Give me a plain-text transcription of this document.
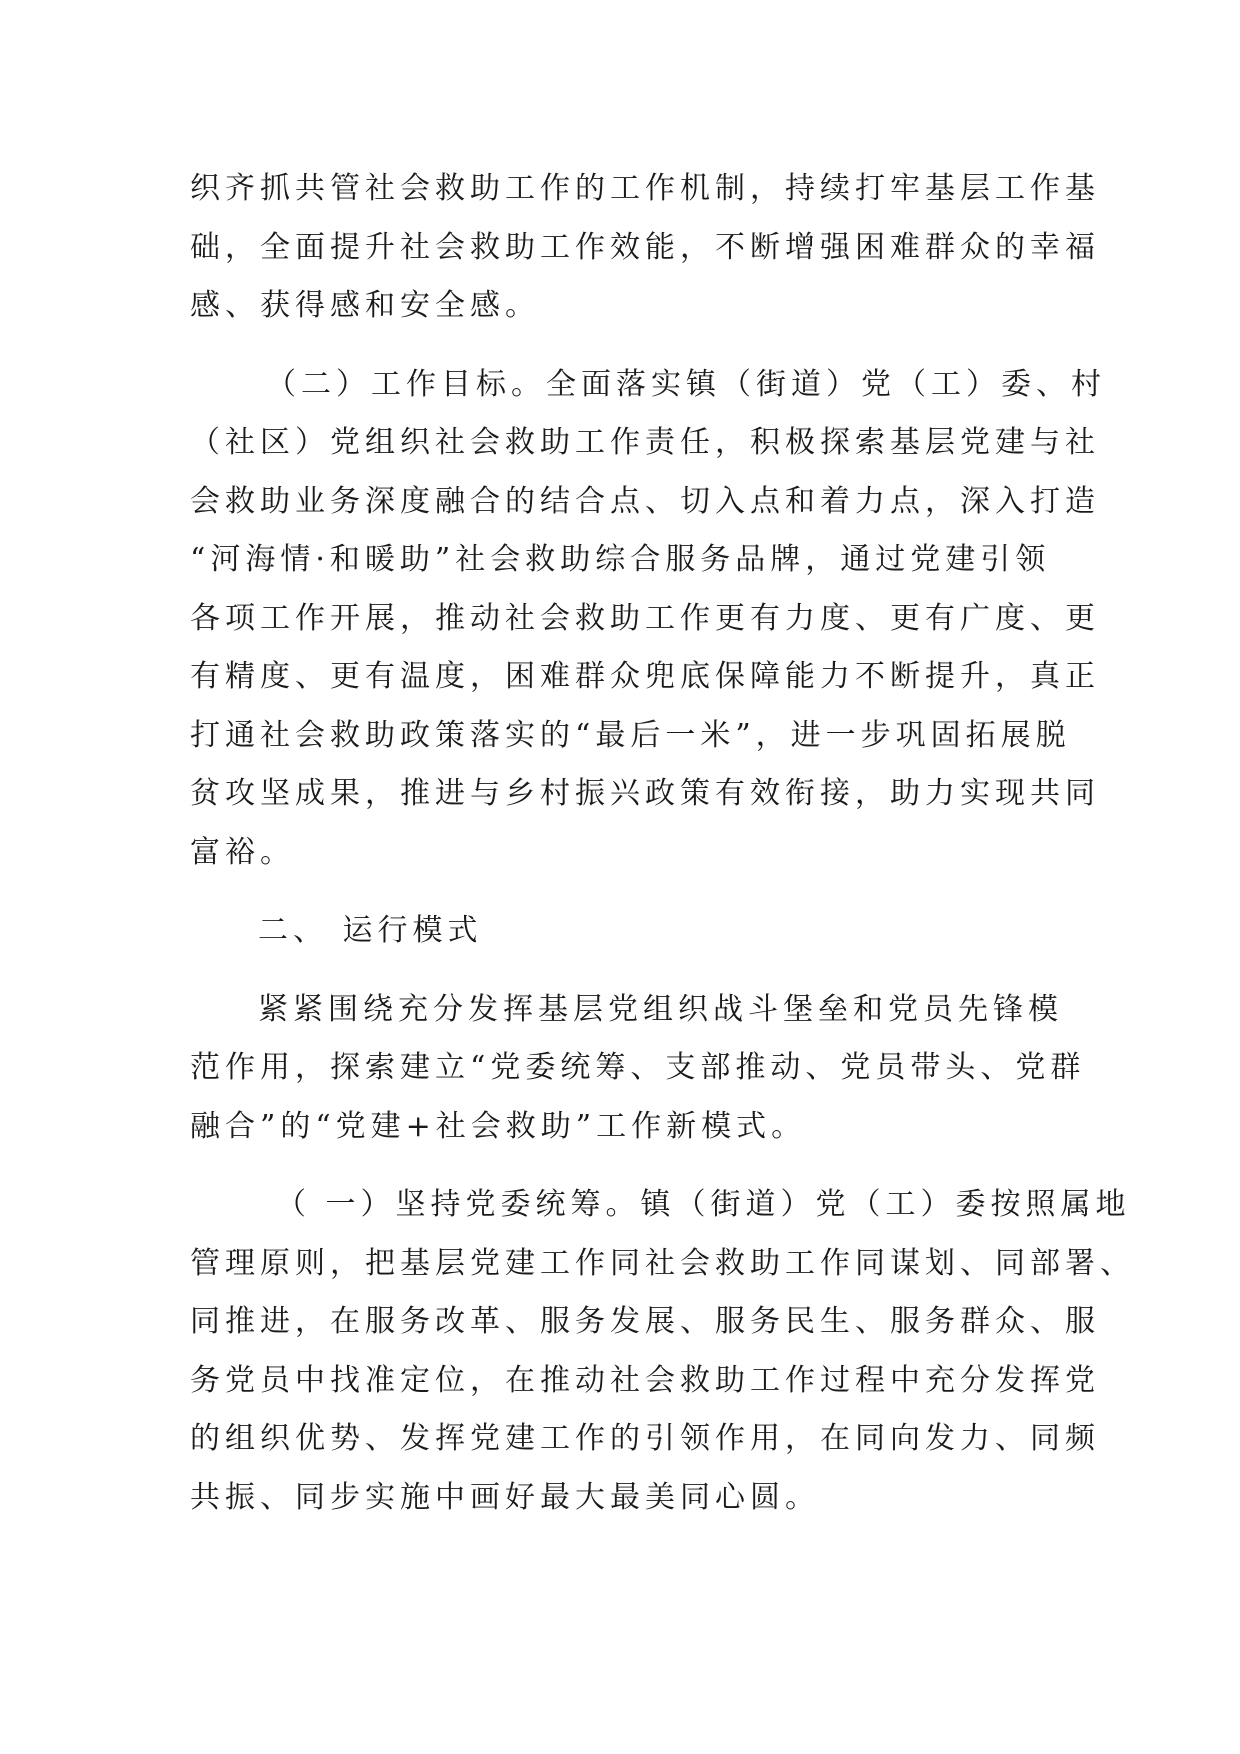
织齐抓共管社会救助工作的工作机制，持续打牢基层工作基
础，全面提升社会救助工作效能，不断增强困难群众的幸福
感、获得感和安全感。
（二）工作目标。全面落实镇（街道）党（工）委、村
（社区）党组织社会救助工作责任，积极探索基层党建与社
会救助业务深度融合的结合点、切入点和着力点，深入打造
“河海情·和暖助”社会救助综合服务品牌，通过党建引领
各项工作开展，推动社会救助工作更有力度、更有广度、更
有精度、更有温度，困难群众兜底保障能力不断提升，真正
打通社会救助政策落实的“最后一米”，进一步巩固拓展脱
贫攻坚成果，推进与乡村振兴政策有效衔接，助力实现共同
富裕。
二、 运行模式
紧紧围绕充分发挥基层党组织战斗堡垒和党员先锋模
范作用，探索建立“党委统筹、支部推动、党员带头、党群
融合”的“党建+社会救助”工作新模式。
（ 一）坚持党委统筹。镇（街道）党（工）委按照属地
管理原则，把基层党建工作同社会救助工作同谋划、同部署、
同推进，在服务改革、服务发展、服务民生、服务群众、服
务党员中找准定位，在推动社会救助工作过程中充分发挥党
的组织优势、发挥党建工作的引领作用，在同向发力、同频
共振、同步实施中画好最大最美同心圆。
